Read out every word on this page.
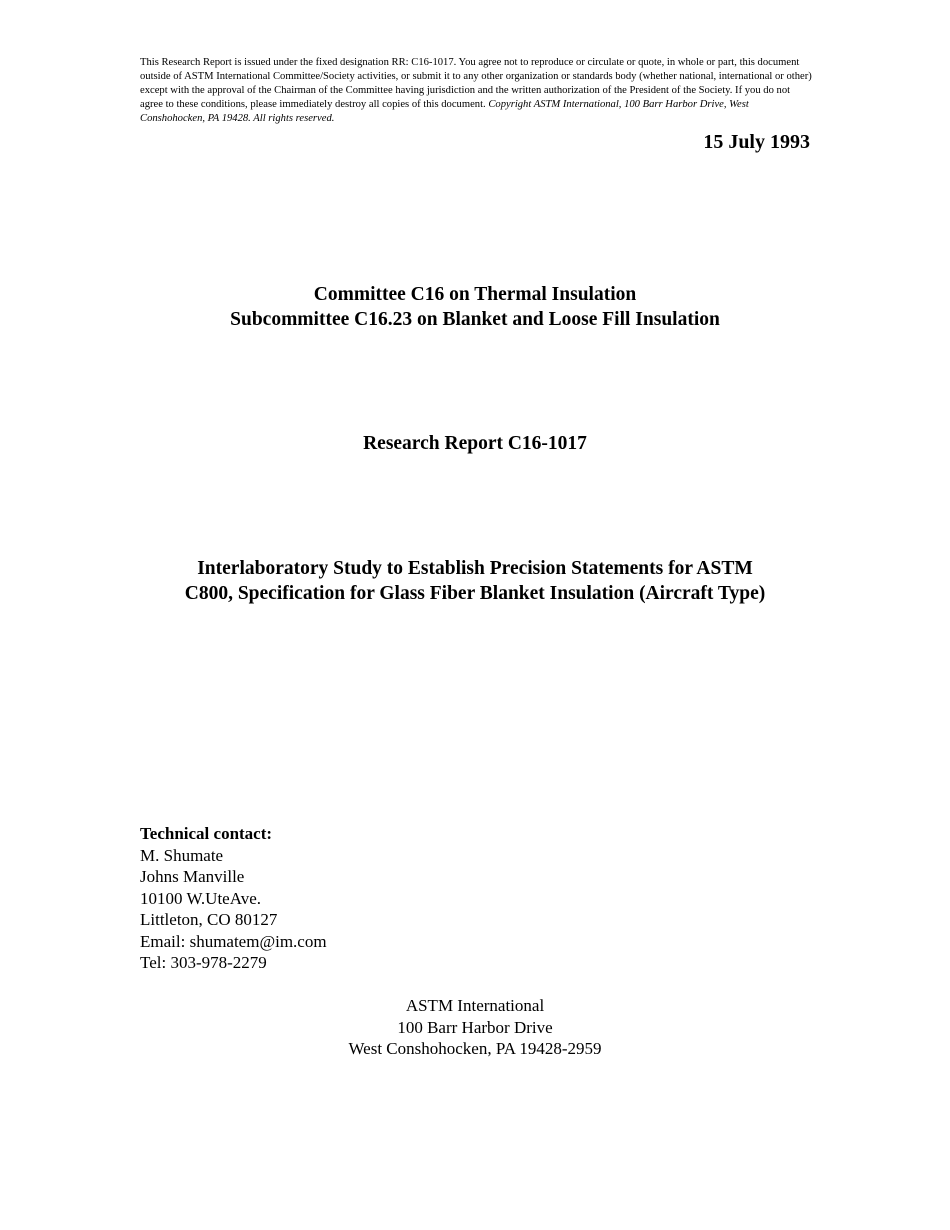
This Research Report is issued under the fixed designation RR: C16-1017. You agree not to reproduce or circulate or quote, in whole or part, this document outside of ASTM International Committee/Society activities, or submit it to any other organization or standards body (whether national, international or other) except with the approval of the Chairman of the Committee having jurisdiction and the written authorization of the President of the Society. If you do not agree to these conditions, please immediately destroy all copies of this document. Copyright ASTM International, 100 Barr Harbor Drive, West Conshohocken, PA 19428. All rights reserved.
15 July 1993
Committee C16 on Thermal Insulation
Subcommittee C16.23 on Blanket and Loose Fill Insulation
Research Report C16-1017
Interlaboratory Study to Establish Precision Statements for ASTM
C800, Specification for Glass Fiber Blanket Insulation (Aircraft Type)
Technical contact:
M. Shumate
Johns Manville
10100 W.UteAve.
Littleton, CO 80127
Email: shumatem@im.com
Tel: 303-978-2279
ASTM International
100 Barr Harbor Drive
West Conshohocken, PA 19428-2959
